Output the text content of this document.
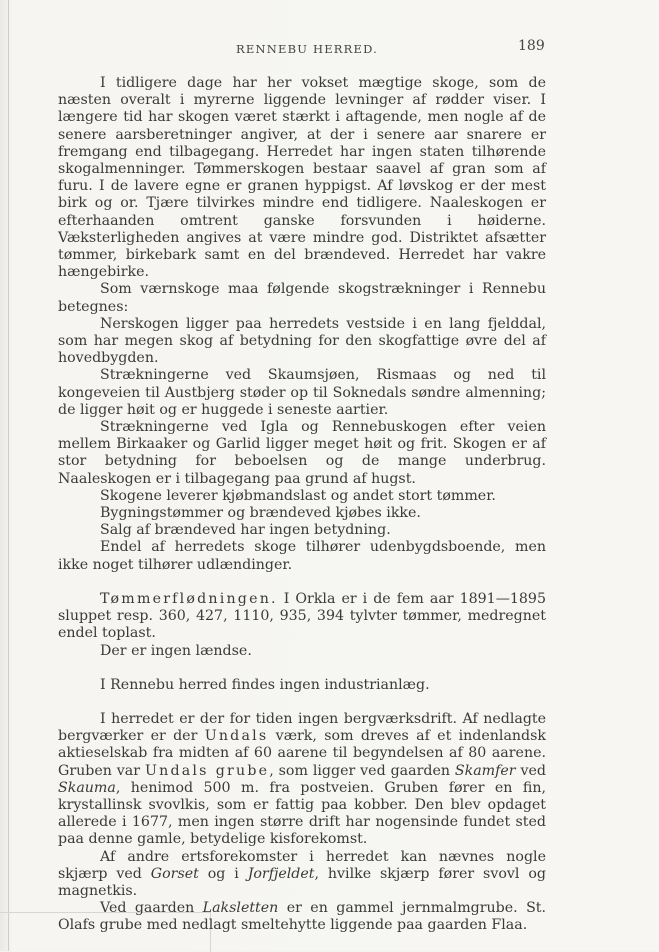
RENNEBU HERRED.	189

I tidligere dage har her vokset mægtige skoge, som de næsten overalt i myrerne liggende levninger af rødder viser. I længere tid har skogen været stærkt i aftagende, men nogle af de senere aarsberetninger angiver, at der i senere aar snarere er fremgang end tilbagegang. Herredet har ingen staten tilhørende skogalmenninger. Tømmerskogen bestaar saavel af gran som af furu. I de lavere egne er granen hyppigst. Af løvskog er der mest birk og or. Tjære tilvirkes mindre end tidligere. Naaleskogen er efterhaanden omtrent ganske forsvunden i høiderne. Væksterligheden angives at være mindre god. Distriktet afsætter tømmer, birkebark samt en del brændeved. Herredet har vakre hængebirke.

Som værnskoge maa følgende skogstrækninger i Rennebu betegnes:

Nerskogen ligger paa herredets vestside i en lang fjelddal, som har megen skog af betydning for den skogfattige øvre del af hovedbygden.

Strækningerne ved Skaumsjøen, Rismaas og ned til kongeveien til Austbjerg støder op til Soknedals søndre almenning; de ligger høit og er huggede i seneste aartier.

Strækningerne ved Igla og Rennebuskogen efter veien mellem Birkaaker og Garlid ligger meget høit og frit. Skogen er af stor betydning for beboelsen og de mange underbrug. Naaleskogen er i tilbagegang paa grund af hugst.

Skogene leverer kjøbmandslast og andet stort tømmer.

Bygningstømmer og brændeved kjøbes ikke.

Salg af brændeved har ingen betydning.

Endel af herredets skoge tilhører udenbygdsboende, men ikke noget tilhører udlændinger.

Tømmerflødningen. I Orkla er i de fem aar 1891—1895 sluppet resp. 360, 427, 1110, 935, 394 tylvter tømmer, medregnet endel toplast.

Der er ingen lændse.

I Rennebu herred findes ingen industrianlæg.

I herredet er der for tiden ingen bergværksdrift. Af nedlagte bergværker er der Undals værk, som dreves af et indenlandsk aktieselskab fra midten af 60 aarene til begyndelsen af 80 aarene. Gruben var Undals grube, som ligger ved gaarden Skamfer ved Skauma, henimod 500 m. fra postveien. Gruben fører en fin, krystallinsk svovlkis, som er fattig paa kobber. Den blev opdaget allerede i 1677, men ingen større drift har nogensinde fundet sted paa denne gamle, betydelige kisforekomst.

Af andre ertsforekomster i herredet kan nævnes nogle skjærp ved Gorset og i Jorfjeldet, hvilke skjærp fører svovl og magnetkis.

Ved gaarden Laksletten er en gammel jernmalmgrube. St. Olafs grube med nedlagt smeltehytte liggende paa gaarden Flaa.
